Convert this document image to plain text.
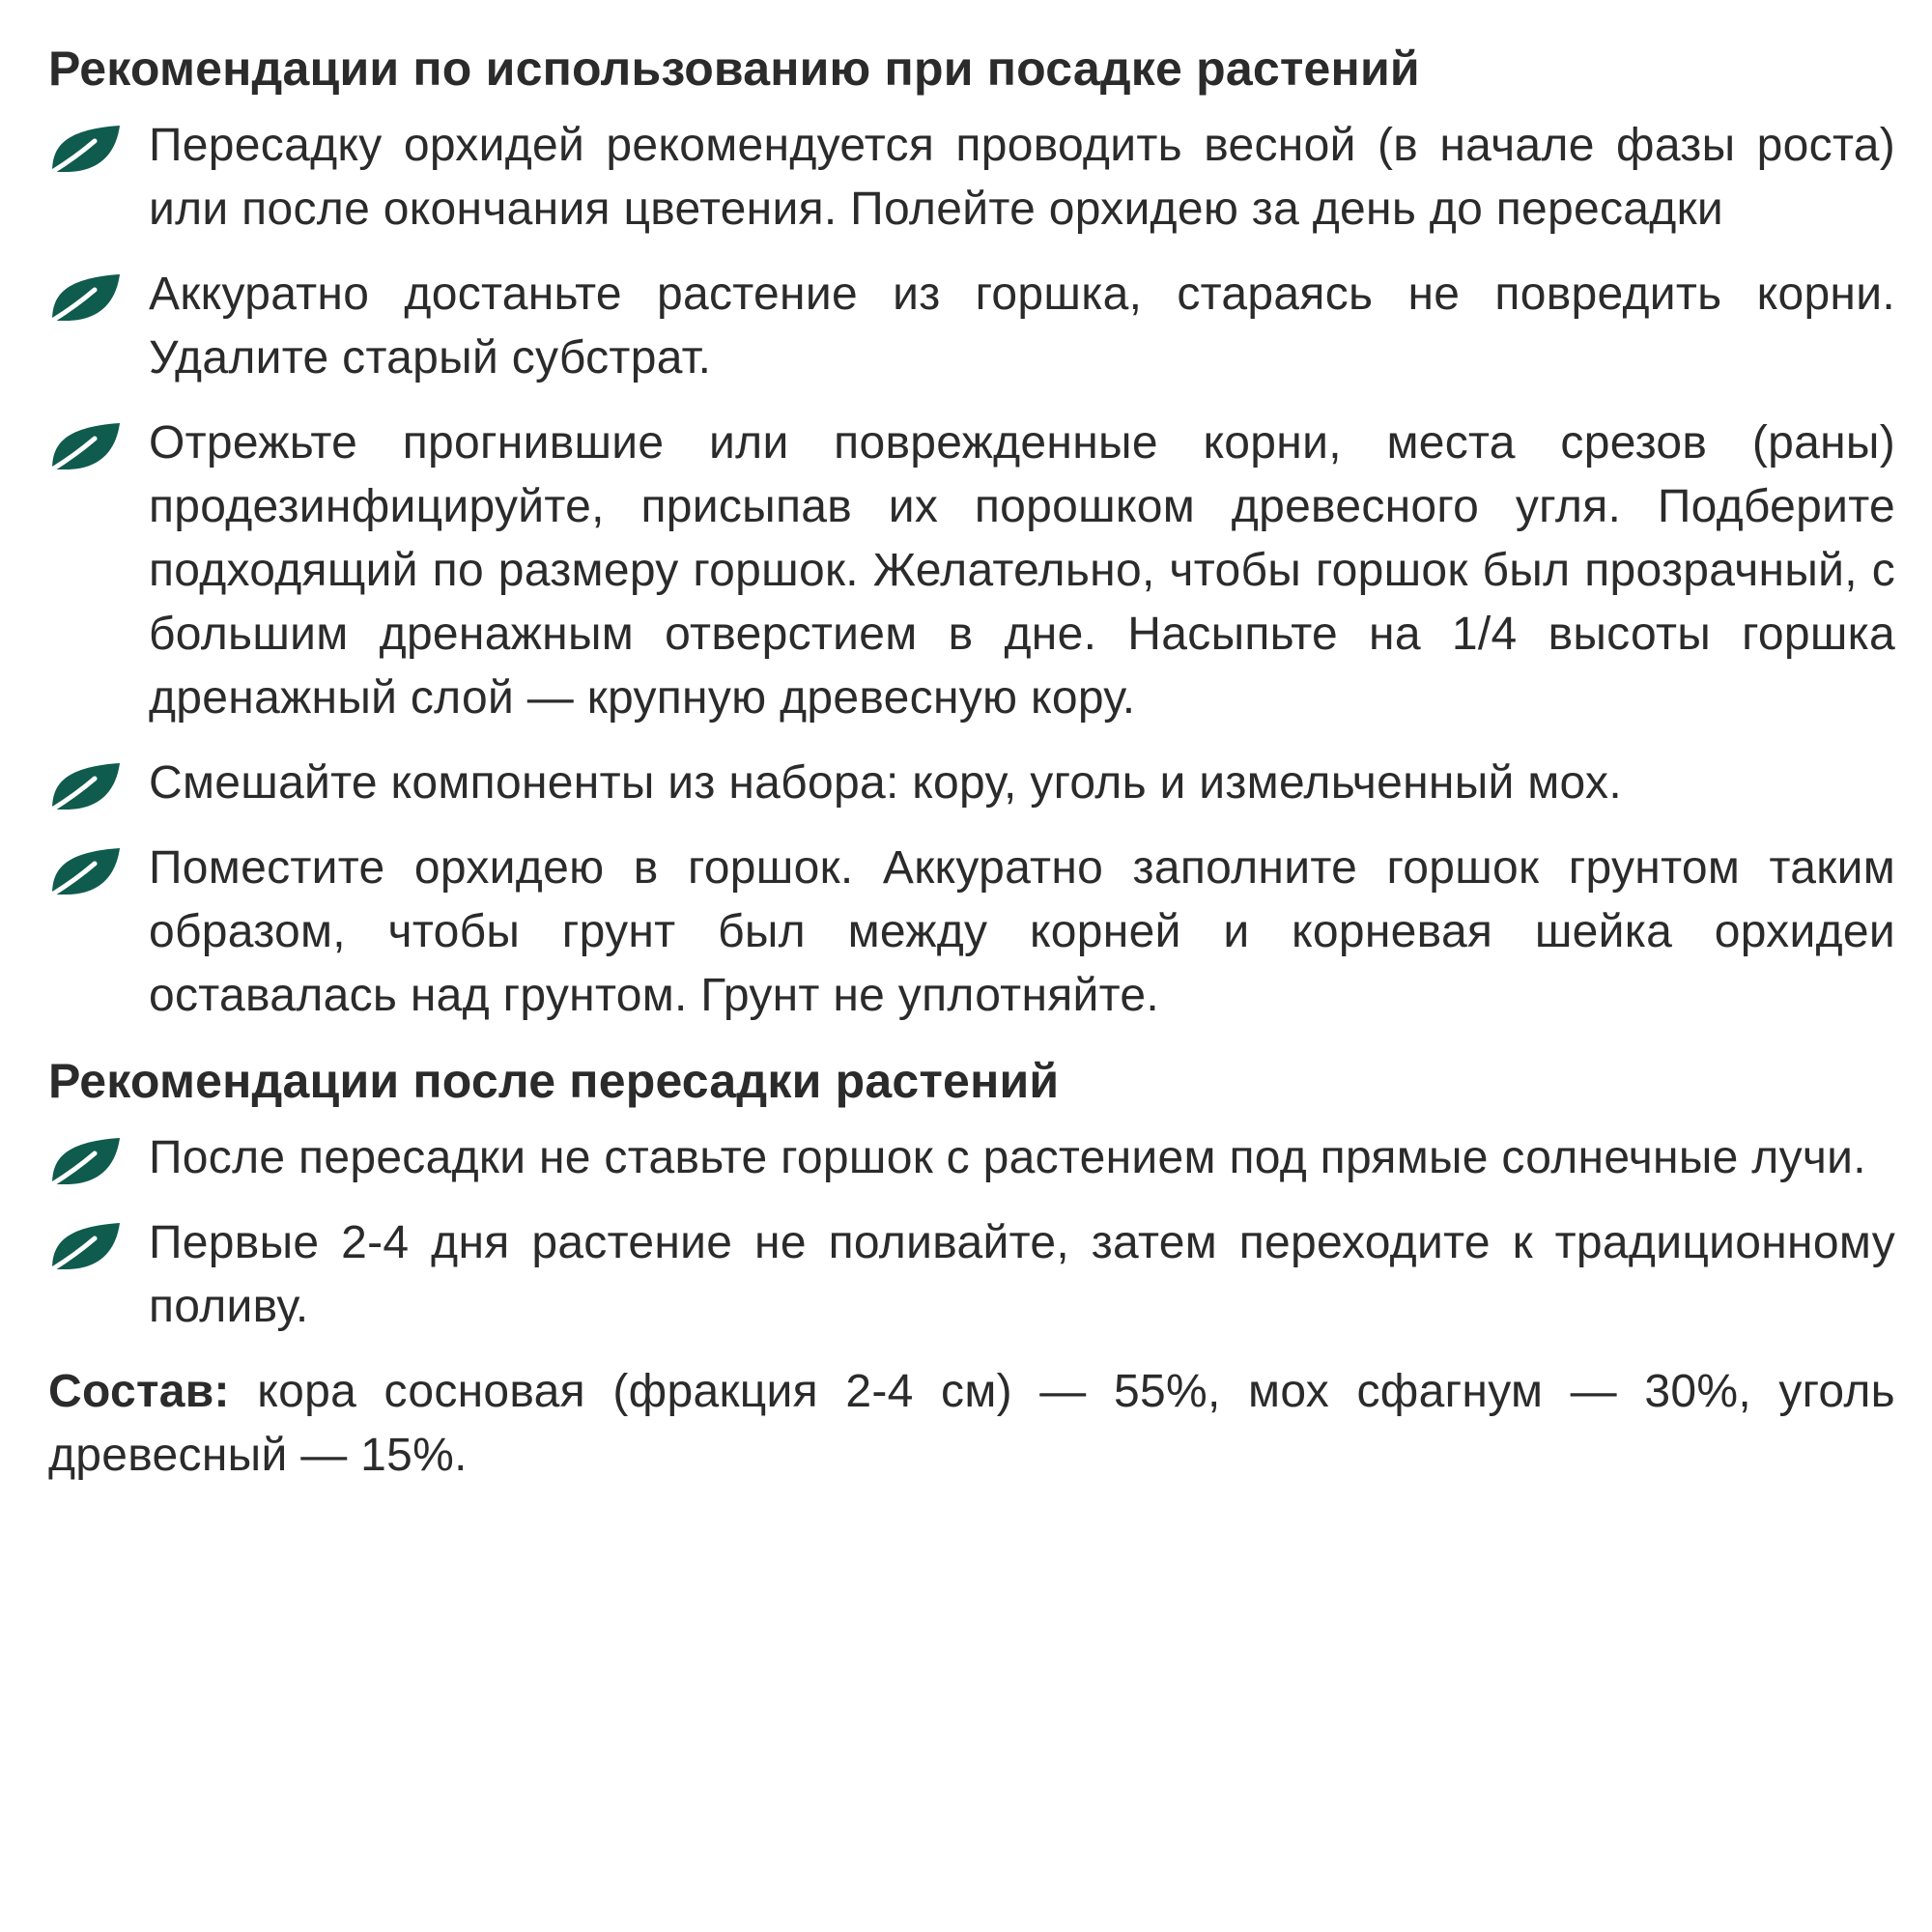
Рекомендации по использованию при посадке растений
Пересадку орхидей рекомендуется проводить весной (в начале фазы роста) или после окончания цветения. Полейте орхидею за день до пересадки
Аккуратно достаньте растение из горшка, стараясь не повредить корни. Удалите старый субстрат.
Отрежьте прогнившие или поврежденные корни, места срезов (раны) продезинфицируйте, присыпав их порошком древесного угля. Подберите подходящий по размеру горшок. Желательно, чтобы горшок был прозрачный, с большим дренажным отверстием в дне. Насыпьте на 1/4 высоты горшка дренажный слой — крупную древесную кору.
Смешайте компоненты из набора: кору, уголь и измельченный мох.
Поместите орхидею в горшок. Аккуратно заполните горшок грунтом таким образом, чтобы грунт был между корней и корневая шейка орхидеи оставалась над грунтом. Грунт не уплотняйте.
Рекомендации после пересадки растений
После пересадки не ставьте горшок с растением под прямые солнечные лучи.
Первые 2-4 дня растение не поливайте, затем переходите к традиционному поливу.

Состав: кора сосновая (фракция 2-4 см) — 55%, мох сфагнум — 30%, уголь древесный — 15%.
